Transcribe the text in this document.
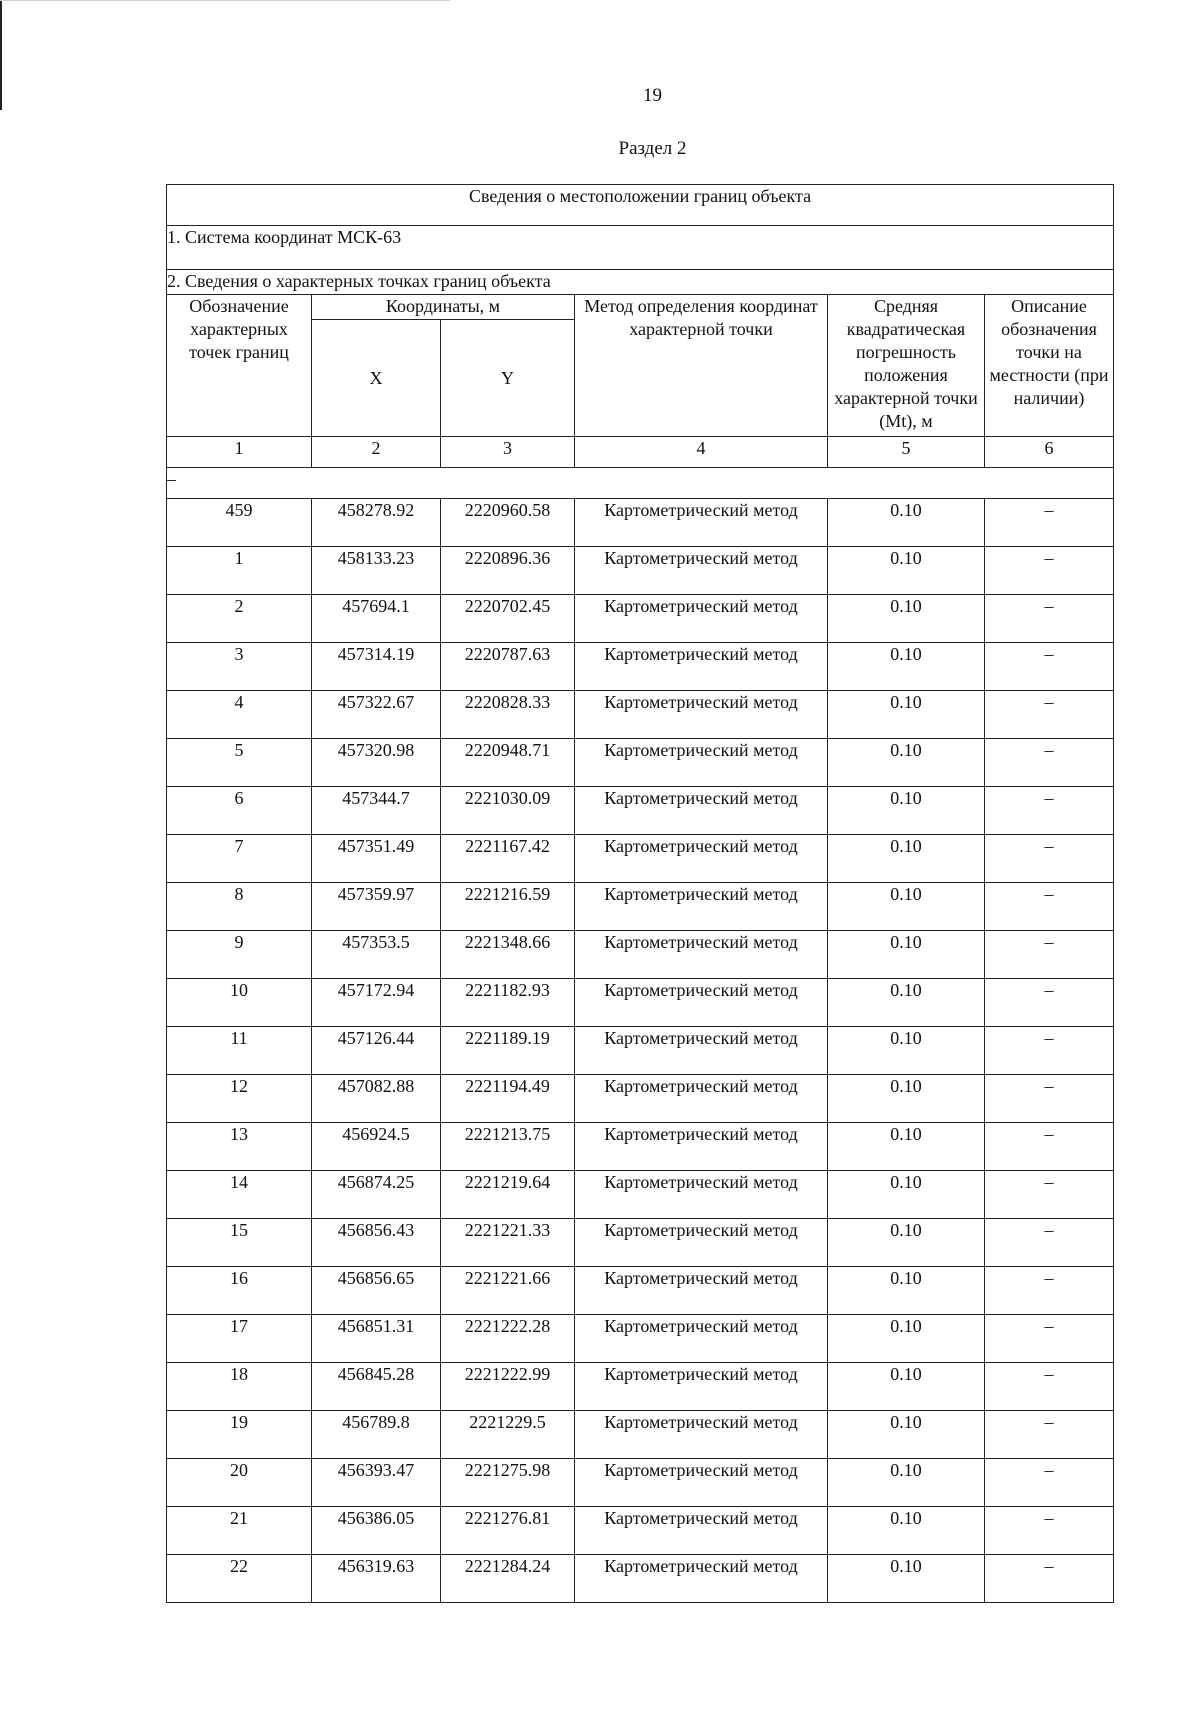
19
Раздел 2
Сведения о местоположении границ объекта					
1. Система координат МСК-63					
2. Сведения о характерных точках границ объекта					
Обозначение характерных точек границ	Координаты, м		Метод определения координат характерной точки	Средняя квадратическая погрешность положения характерной точки (Mt), м	Описание обозначения точки на местности (при наличии)
	X	Y			
1	2	3	4	5	6
–					
459	458278.92	2220960.58	Картометрический метод	0.10	–
1	458133.23	2220896.36	Картометрический метод	0.10	–
2	457694.1	2220702.45	Картометрический метод	0.10	–
3	457314.19	2220787.63	Картометрический метод	0.10	–
4	457322.67	2220828.33	Картометрический метод	0.10	–
5	457320.98	2220948.71	Картометрический метод	0.10	–
6	457344.7	2221030.09	Картометрический метод	0.10	–
7	457351.49	2221167.42	Картометрический метод	0.10	–
8	457359.97	2221216.59	Картометрический метод	0.10	–
9	457353.5	2221348.66	Картометрический метод	0.10	–
10	457172.94	2221182.93	Картометрический метод	0.10	–
11	457126.44	2221189.19	Картометрический метод	0.10	–
12	457082.88	2221194.49	Картометрический метод	0.10	–
13	456924.5	2221213.75	Картометрический метод	0.10	–
14	456874.25	2221219.64	Картометрический метод	0.10	–
15	456856.43	2221221.33	Картометрический метод	0.10	–
16	456856.65	2221221.66	Картометрический метод	0.10	–
17	456851.31	2221222.28	Картометрический метод	0.10	–
18	456845.28	2221222.99	Картометрический метод	0.10	–
19	456789.8	2221229.5	Картометрический метод	0.10	–
20	456393.47	2221275.98	Картометрический метод	0.10	–
21	456386.05	2221276.81	Картометрический метод	0.10	–
22	456319.63	2221284.24	Картометрический метод	0.10	–
